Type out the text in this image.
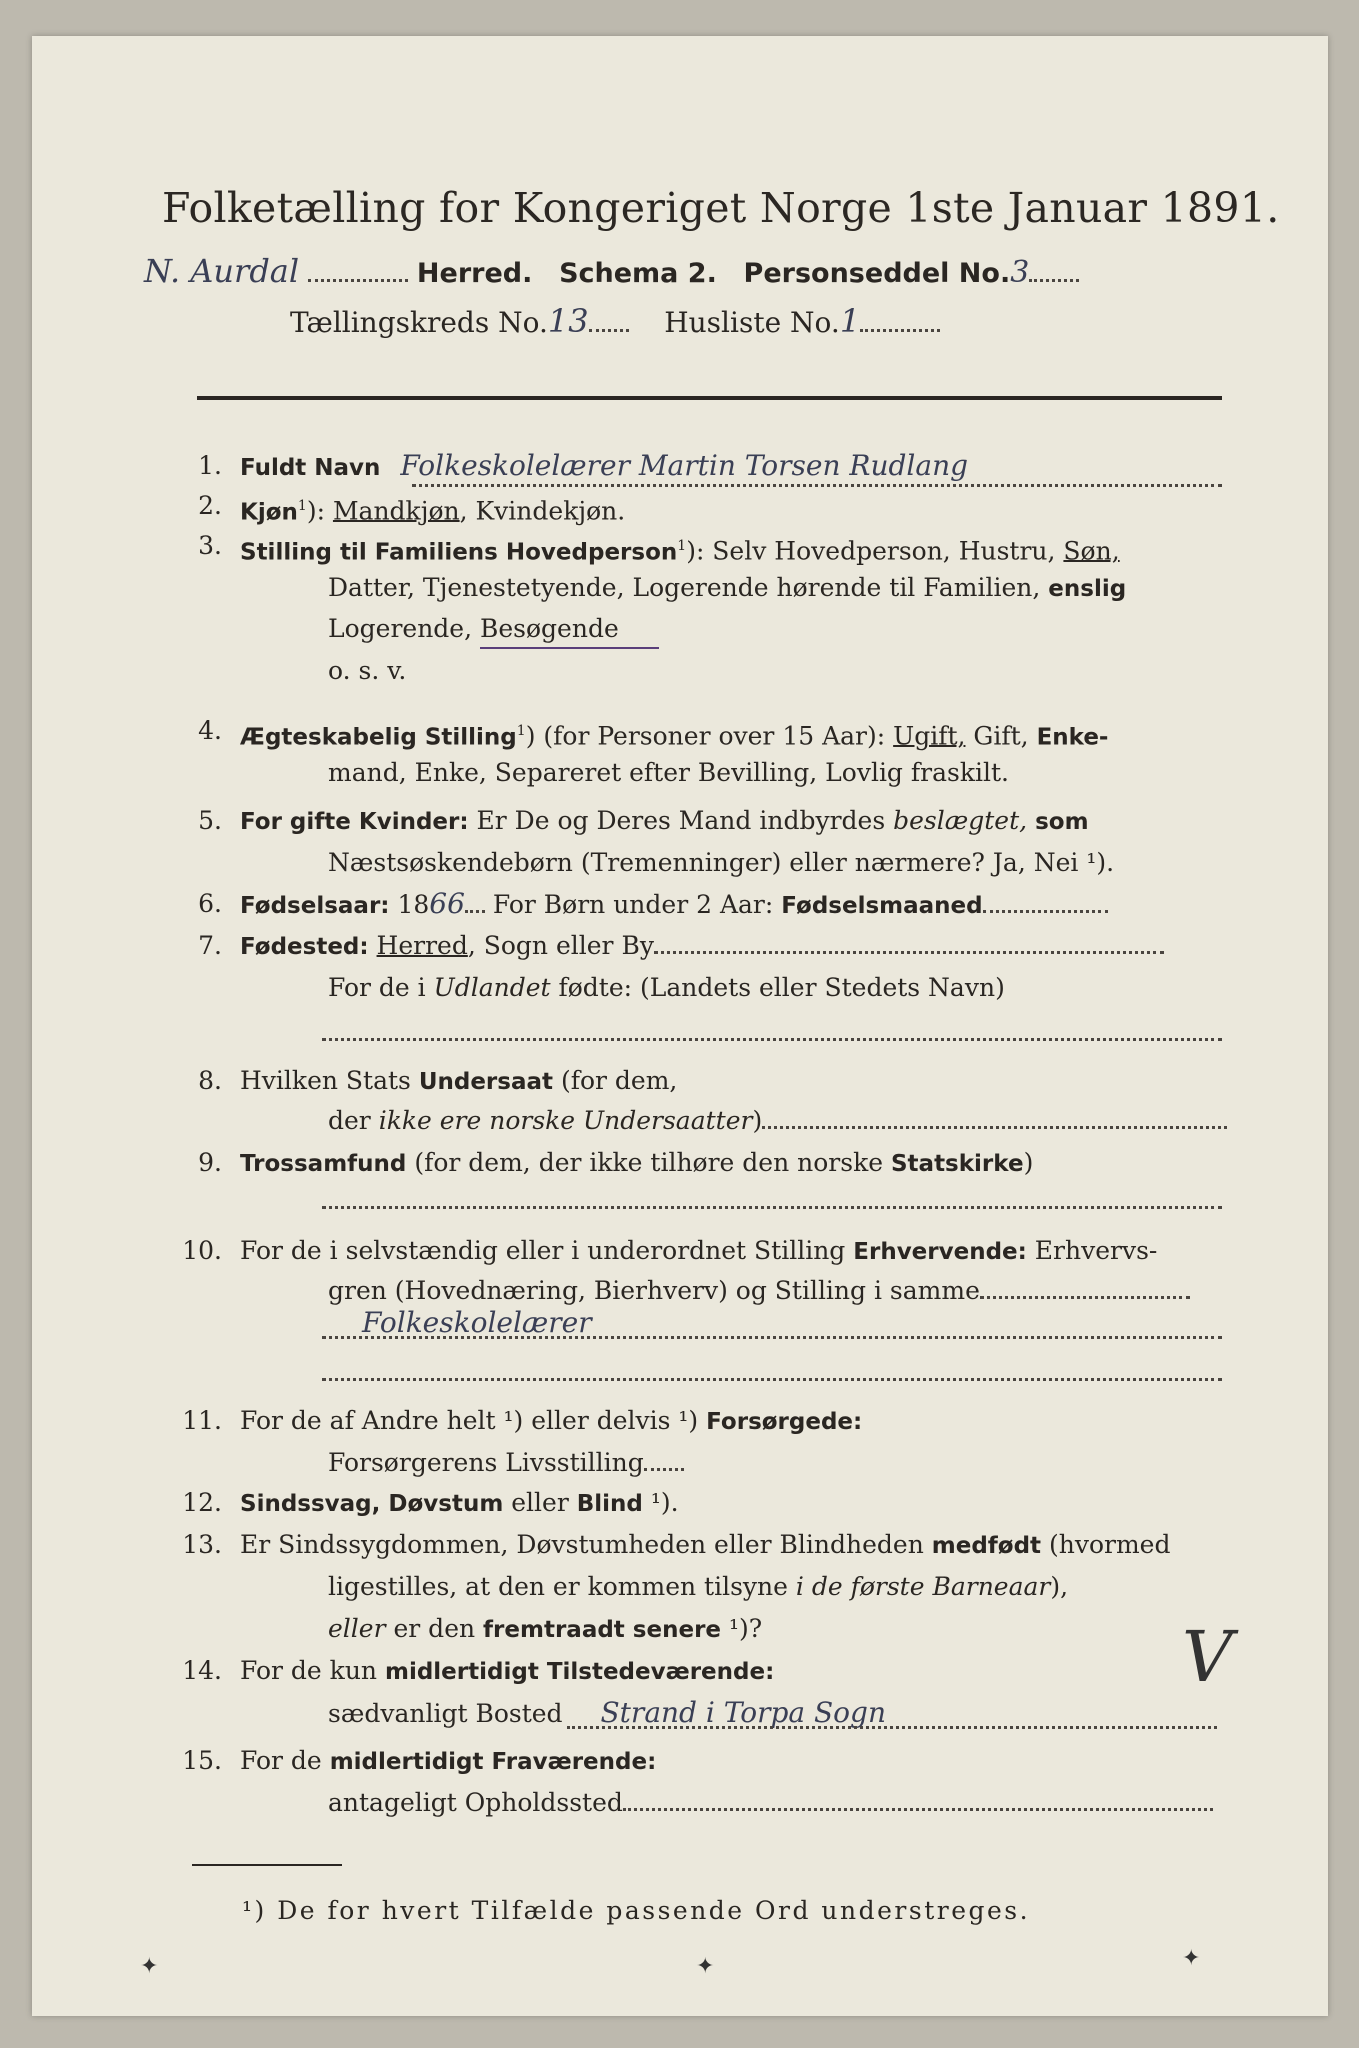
Folketælling for Kongeriget Norge 1ste Januar 1891.
N. Aurdal	Herred. Schema 2. Personseddel No.3
Tællingskreds No.13	Husliste No.1
1. Fuldt Navn Folkeskolelærer Martin Torsen Rudlang
2. Kjøn$^1$): Mandkjøn, Kvindekjøn.
3. Stilling til Familiens Hovedperson$^1$): Selv Hovedperson, Hustru, Søn,
Datter, Tjenestetyende, Logerende hørende til Familien, enslig
Logerende, Besøgende
o. s. v.
4. Ægteskabelig Stilling$^1$) (for Personer over 15 Aar): Ugift, Gift, Enke-
mand, Enke, Separeret efter Bevilling, Lovlig fraskilt.
5. For gifte Kvinder: Er De og Deres Mand indbyrdes beslægtet, som
Næstsøskendebørn (Tremenninger) eller nærmere? Ja, Nei ¹).
6. Fødselsaar: 1866 For Børn under 2 Aar: Fødselsmaaned
7. Fødested: Herred, Sogn eller By
For de i Udlandet fødte: (Landets eller Stedets Navn)
8. Hvilken Stats Undersaat (for dem,
der ikke ere norske Undersaatter)
9. Trossamfund (for dem, der ikke tilhøre den norske Statskirke)
10. For de i selvstændig eller i underordnet Stilling Erhvervende: Erhvervs-
gren (Hovednæring, Bierhverv) og Stilling i samme
Folkeskolelærer
11. For de af Andre helt ¹) eller delvis ¹) Forsørgede:
Forsørgerens Livsstilling
12. Sindssvag, Døvstum eller Blind ¹).
13. Er Sindssygdommen, Døvstumheden eller Blindheden medfødt (hvormed
ligestilles, at den er kommen tilsyne i de første Barneaar),
eller er den fremtraadt senere ¹)?
14. For de kun midlertidigt Tilstedeværende:	V
sædvanligt Bosted Strand i Torpa Sogn
15. For de midlertidigt Fraværende:
antageligt Opholdssted
¹) De for hvert Tilfælde passende Ord understreges.
✦	✦	✦
